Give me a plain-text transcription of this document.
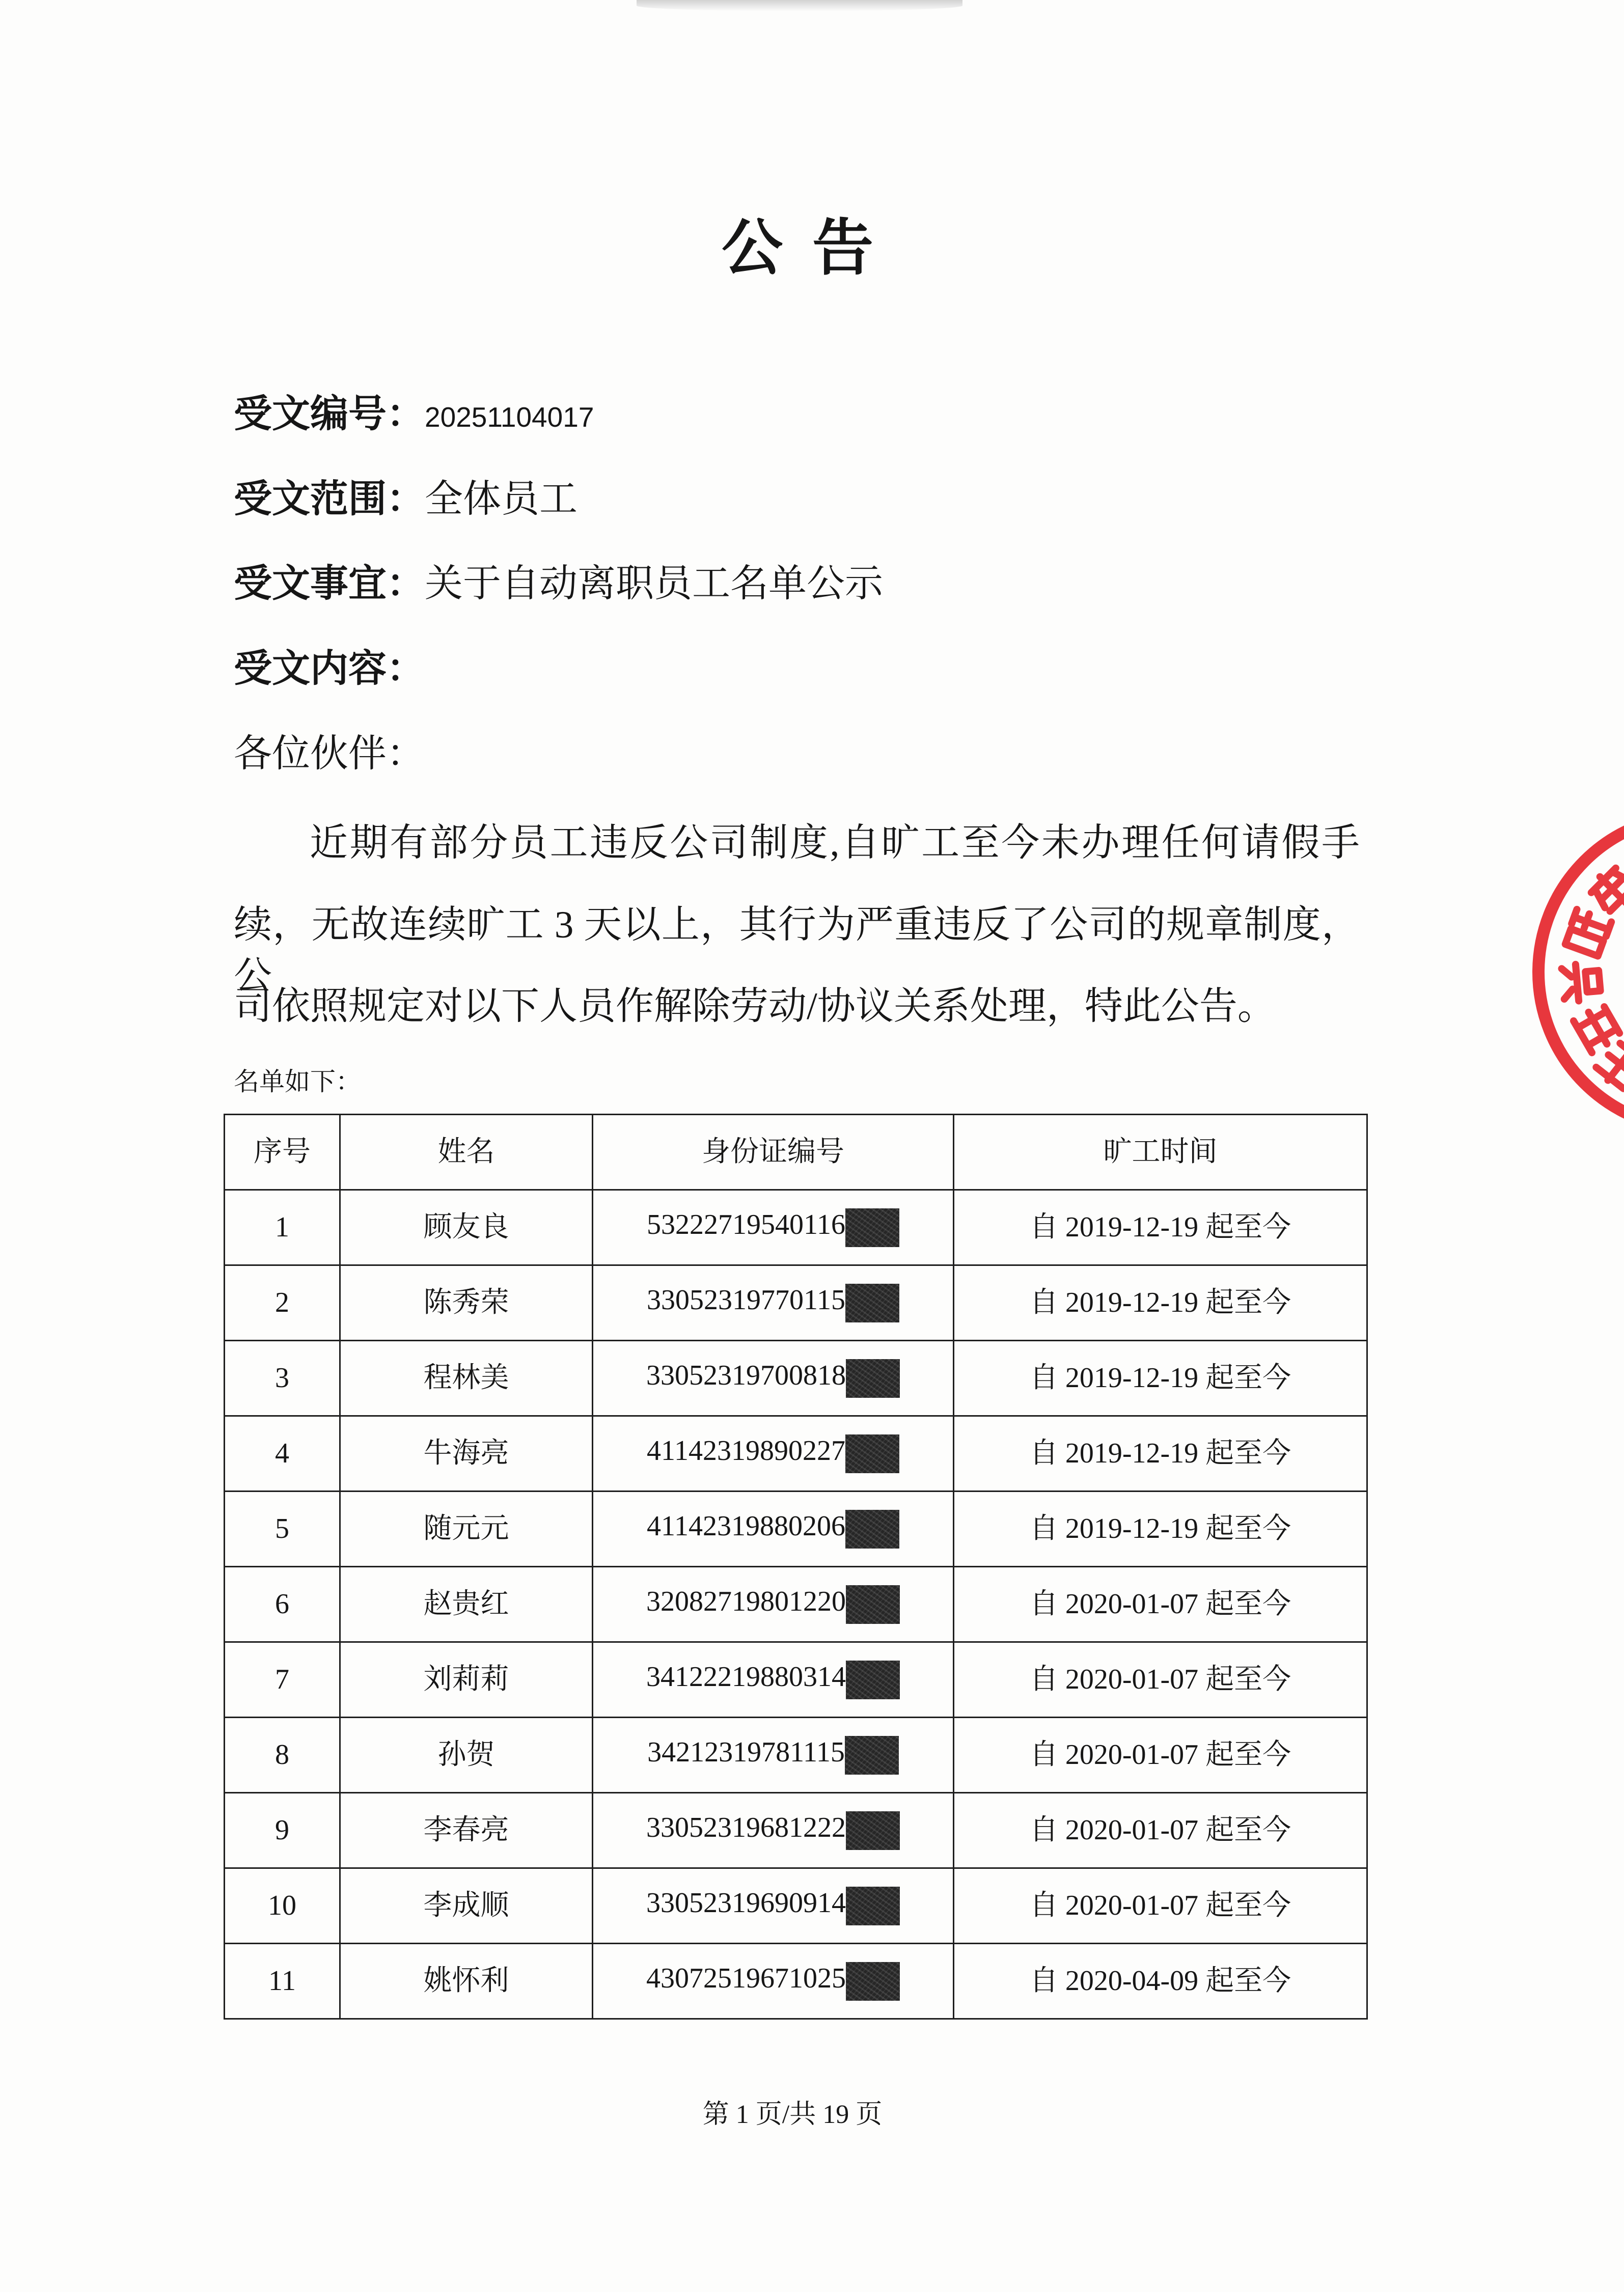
公 告
受文编号：20251104017
受文范围：全体员工
受文事宜：关于自动离职员工名单公示
受文内容：
各位伙伴：
近期有部分员工违反公司制度,自旷工至今未办理任何请假手
续，无故连续旷工 3 天以上，其行为严重违反了公司的规章制度，公
司依照规定对以下人员作解除劳动/协议关系处理，特此公告。
名单如下：
序号	姓名	身份证编号	旷工时间
1	顾友良	53222719540116	自 2019-12-19 起至今
2	陈秀荣	33052319770115	自 2019-12-19 起至今
3	程林美	33052319700818	自 2019-12-19 起至今
4	牛海亮	41142319890227	自 2019-12-19 起至今
5	随元元	41142319880206	自 2019-12-19 起至今
6	赵贵红	32082719801220	自 2020-01-07 起至今
7	刘莉莉	34122219880314	自 2020-01-07 起至今
8	孙贺	34212319781115	自 2020-01-07 起至今
9	李春亮	33052319681222	自 2020-01-07 起至今
10	李成顺	33052319690914	自 2020-01-07 起至今
11	姚怀利	43072519671025	自 2020-04-09 起至今
第 1 页/共 19 页
